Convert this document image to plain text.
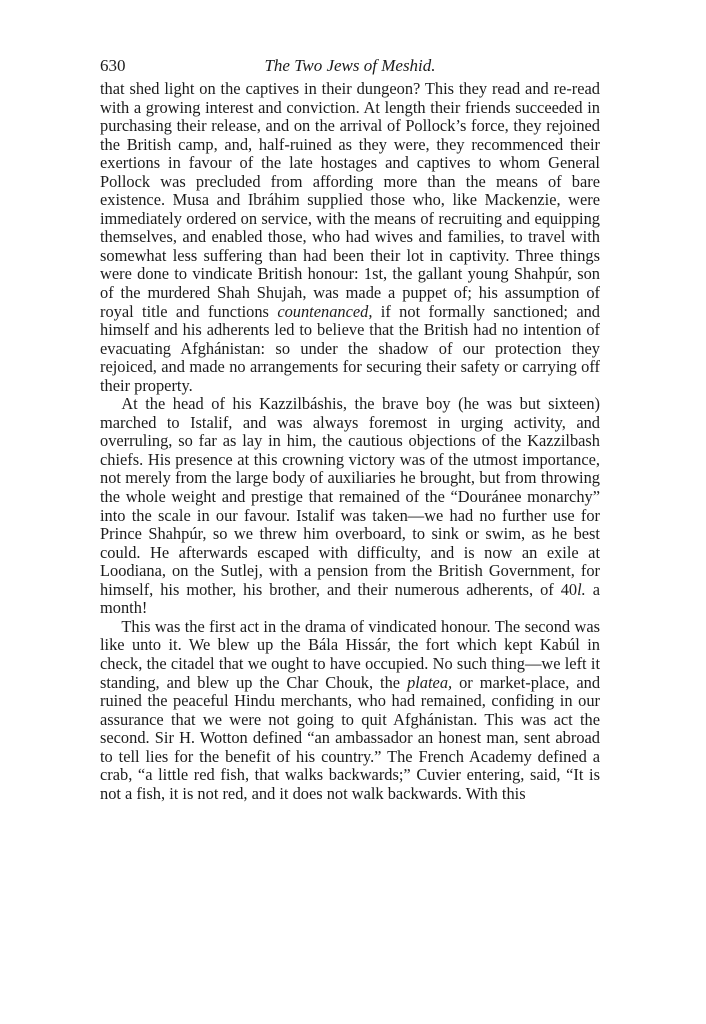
630	The Two Jews of Meshid.

that shed light on the captives in their dungeon? This they read and re-read with a growing interest and conviction. At length their friends succeeded in purchasing their release, and on the arrival of Pollock’s force, they rejoined the British camp, and, half-ruined as they were, they recommenced their exertions in favour of the late hostages and captives to whom General Pollock was precluded from affording more than the means of bare existence. Musa and Ibráhim supplied those who, like Mackenzie, were immediately ordered on service, with the means of recruiting and equipping themselves, and enabled those, who had wives and families, to travel with somewhat less suffering than had been their lot in captivity. Three things were done to vindicate British honour: 1st, the gallant young Shahpúr, son of the murdered Shah Shujah, was made a puppet of; his assumption of royal title and functions countenanced, if not formally sanctioned; and himself and his adherents led to believe that the British had no intention of evacuating Afghánistan: so under the shadow of our protection they rejoiced, and made no arrangements for securing their safety or carrying off their property.

At the head of his Kazzilbáshis, the brave boy (he was but sixteen) marched to Istalif, and was always foremost in urging activity, and overruling, so far as lay in him, the cautious objections of the Kazzilbash chiefs. His presence at this crowning victory was of the utmost importance, not merely from the large body of auxiliaries he brought, but from throwing the whole weight and prestige that remained of the “Douránee monarchy” into the scale in our favour. Istalif was taken—we had no further use for Prince Shahpúr, so we threw him overboard, to sink or swim, as he best could. He afterwards escaped with difficulty, and is now an exile at Loodiana, on the Sutlej, with a pension from the British Government, for himself, his mother, his brother, and their numerous adherents, of 40l. a month!

This was the first act in the drama of vindicated honour. The second was like unto it. We blew up the Bála Hissár, the fort which kept Kabúl in check, the citadel that we ought to have occupied. No such thing—we left it standing, and blew up the Char Chouk, the platea, or market-place, and ruined the peaceful Hindu merchants, who had remained, confiding in our assurance that we were not going to quit Afghánistan. This was act the second. Sir H. Wotton defined “an ambassador an honest man, sent abroad to tell lies for the benefit of his country.” The French Academy defined a crab, “a little red fish, that walks backwards;” Cuvier entering, said, “It is not a fish, it is not red, and it does not walk backwards. With this
